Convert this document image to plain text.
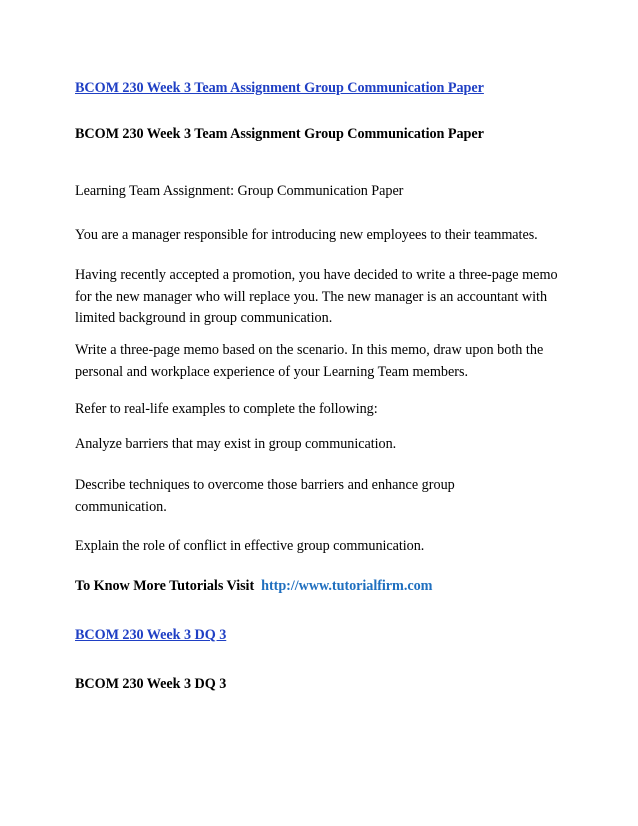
BCOM 230 Week 3 Team Assignment Group Communication Paper
BCOM 230 Week 3 Team Assignment Group Communication Paper
Learning Team Assignment: Group Communication Paper
You are a manager responsible for introducing new employees to their teammates.
Having recently accepted a promotion, you have decided to write a three-page memo for the new manager who will replace you. The new manager is an accountant with limited background in group communication.
Write a three-page memo based on the scenario. In this memo, draw upon both the personal and workplace experience of your Learning Team members.
Refer to real-life examples to complete the following:
Analyze barriers that may exist in group communication.
Describe techniques to overcome those barriers and enhance group communication.
Explain the role of conflict in effective group communication.
To Know More Tutorials Visit http://www.tutorialfirm.com
BCOM 230 Week 3 DQ 3
BCOM 230 Week 3 DQ 3
